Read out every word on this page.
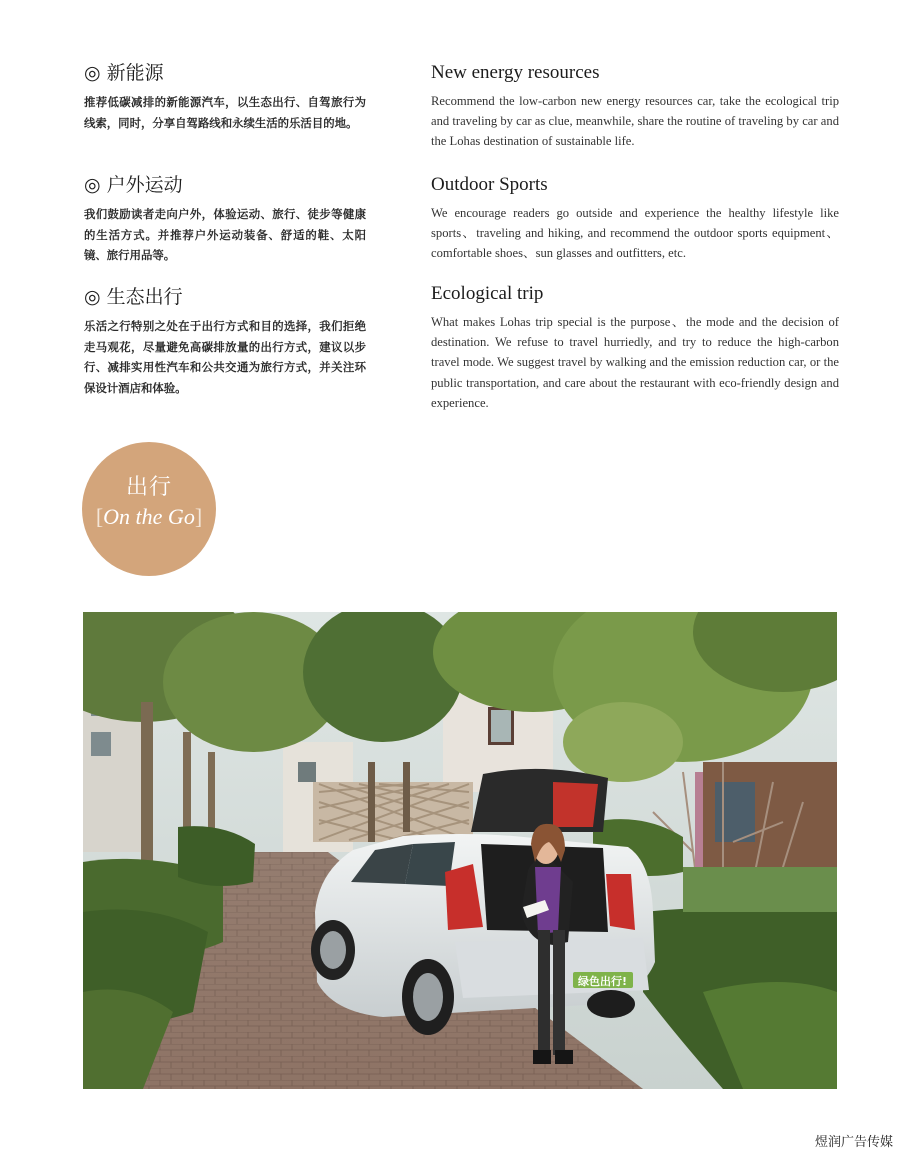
◎ 新能源

推荐低碳减排的新能源汽车，以生态出行、自驾旅行为线索，同时，分享自驾路线和永续生活的乐活目的地。

New energy resources

Recommend the low-carbon new energy resources car, take the ecological trip and traveling by car as clue, meanwhile, share the routine of traveling by car and the Lohas destination of sustainable life.

◎ 户外运动

我们鼓励读者走向户外，体验运动、旅行、徒步等健康的生活方式。并推荐户外运动装备、舒适的鞋、太阳镜、旅行用品等。

Outdoor Sports

We encourage readers go outside and experience the healthy lifestyle like sports、traveling and hiking, and recommend the outdoor sports equipment、comfortable shoes、sun glasses and outfitters, etc.

◎ 生态出行

乐活之行特别之处在于出行方式和目的选择，我们拒绝走马观花，尽量避免高碳排放量的出行方式，建议以步行、减排实用性汽车和公共交通为旅行方式，并关注环保设计酒店和体验。

Ecological trip

What makes Lohas trip special is the purpose、the mode and the decision of destination. We refuse to travel hurriedly, and try to reduce the high-carbon travel mode. We suggest travel by walking and the emission reduction car, or the public transportation, and care about the restaurant with eco-friendly design and experience.

出行
[On the Go]
绿色出行!
煜润广告传媒
